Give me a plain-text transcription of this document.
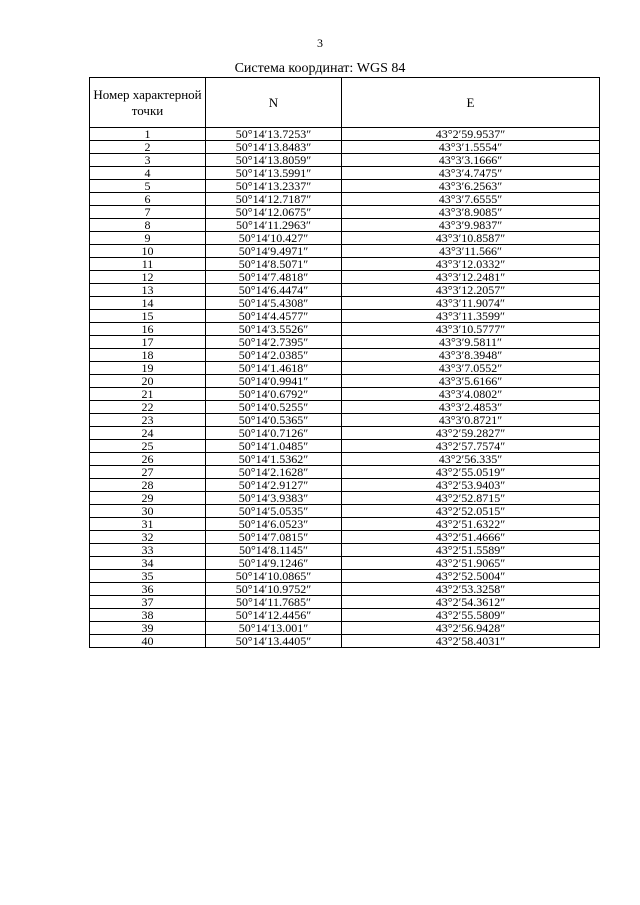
3
Система координат: WGS 84
Номер характерной точки	N	E
1	50°14′13.7253″	43°2′59.9537″
2	50°14′13.8483″	43°3′1.5554″
3	50°14′13.8059″	43°3′3.1666″
4	50°14′13.5991″	43°3′4.7475″
5	50°14′13.2337″	43°3′6.2563″
6	50°14′12.7187″	43°3′7.6555″
7	50°14′12.0675″	43°3′8.9085″
8	50°14′11.2963″	43°3′9.9837″
9	50°14′10.427″	43°3′10.8587″
10	50°14′9.4971″	43°3′11.566″
11	50°14′8.5071″	43°3′12.0332″
12	50°14′7.4818″	43°3′12.2481″
13	50°14′6.4474″	43°3′12.2057″
14	50°14′5.4308″	43°3′11.9074″
15	50°14′4.4577″	43°3′11.3599″
16	50°14′3.5526″	43°3′10.5777″
17	50°14′2.7395″	43°3′9.5811″
18	50°14′2.0385″	43°3′8.3948″
19	50°14′1.4618″	43°3′7.0552″
20	50°14′0.9941″	43°3′5.6166″
21	50°14′0.6792″	43°3′4.0802″
22	50°14′0.5255″	43°3′2.4853″
23	50°14′0.5365″	43°3′0.8721″
24	50°14′0.7126″	43°2′59.2827″
25	50°14′1.0485″	43°2′57.7574″
26	50°14′1.5362″	43°2′56.335″
27	50°14′2.1628″	43°2′55.0519″
28	50°14′2.9127″	43°2′53.9403″
29	50°14′3.9383″	43°2′52.8715″
30	50°14′5.0535″	43°2′52.0515″
31	50°14′6.0523″	43°2′51.6322″
32	50°14′7.0815″	43°2′51.4666″
33	50°14′8.1145″	43°2′51.5589″
34	50°14′9.1246″	43°2′51.9065″
35	50°14′10.0865″	43°2′52.5004″
36	50°14′10.9752″	43°2′53.3258″
37	50°14′11.7685″	43°2′54.3612″
38	50°14′12.4456″	43°2′55.5809″
39	50°14′13.001″	43°2′56.9428″
40	50°14′13.4405″	43°2′58.4031″
